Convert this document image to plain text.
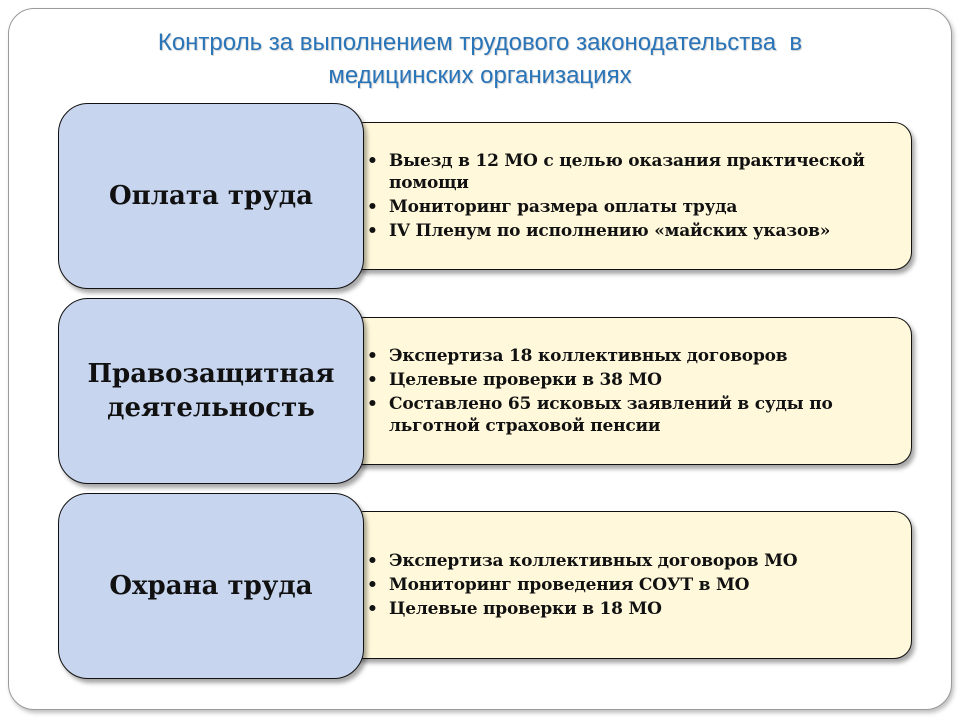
Контроль за выполнением трудового законодательства  в
медицинских организациях
• Выезд в 12 МО с целью оказания практической помощи
• Мониторинг размера оплаты труда
• IV Пленум по исполнению «майских указов»
Оплата труда
• Экспертиза 18 коллективных договоров
• Целевые проверки в 38 МО
• Составлено 65 исковых заявлений в суды по льготной страховой пенсии
Правозащитная
деятельность
• Экспертиза коллективных договоров МО
• Мониторинг проведения СОУТ в МО
• Целевые проверки в 18 МО
Охрана труда
